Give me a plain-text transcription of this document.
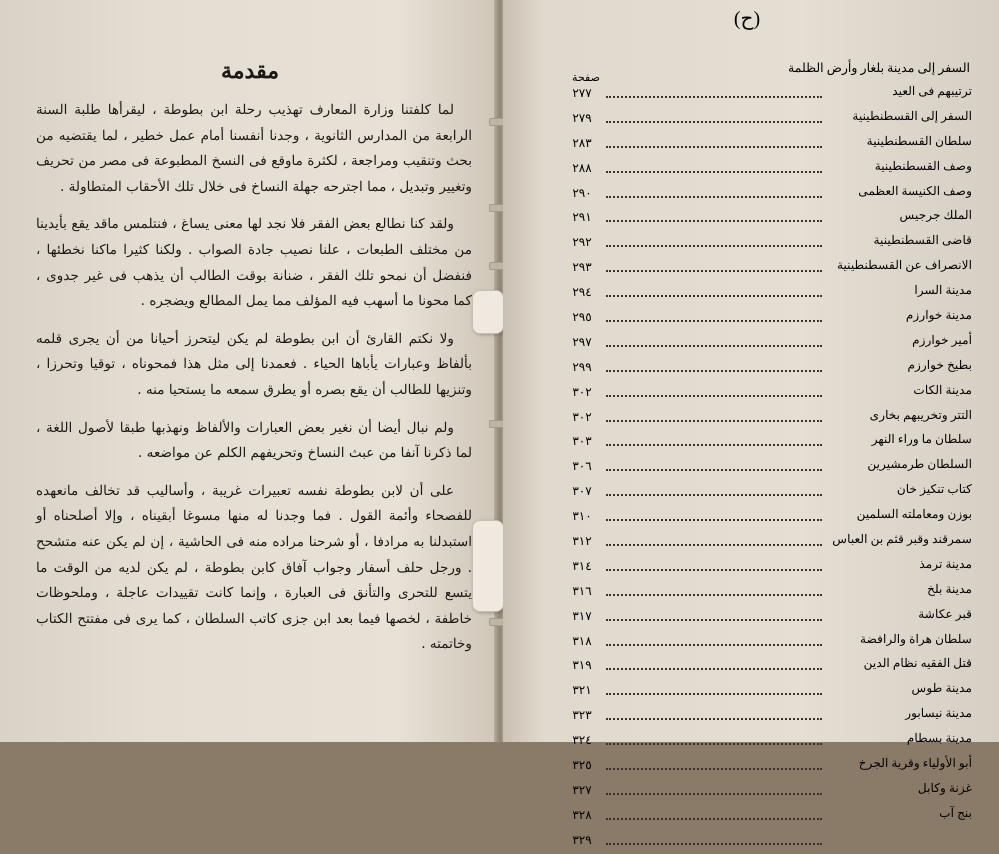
مقدمة

لما كلفتنا وزارة المعارف تهذيب رحلة ابن بطوطة ، ليقرأها طلبة السنة الرابعة من المدارس الثانوية ، وجدنا أنفسنا أمام عمل خطير ، لما يقتضيه من بحث وتنقيب ومراجعة ، لكثرة ماوقع فى النسخ المطبوعة فى مصر من تحريف وتغيير وتبديل ، مما اجترحه جهلة النساخ فى خلال تلك الأحقاب المتطاولة .

ولقد كنا نطالع بعض الفقر فلا نجد لها معنى يساغ ، فنتلمس ماقد يقع بأيدينا من مختلف الطبعات ، علنا نصيب جادة الصواب . ولكنا كثيرا ماكنا نخطئها ، فنفضل أن نمحو تلك الفقر ، ضنانة بوقت الطالب أن يذهب فى غير جدوى ، كما محونا ما أسهب فيه المؤلف مما يمل المطالع ويضجره .

ولا نكتم القارئ أن ابن بطوطة لم يكن ليتحرز أحيانا من أن يجرى قلمه بألفاظ وعبارات يأباها الحياء . فعمدنا إلى مثل هذا فمحوناه ، توقيا وتحرزا ، وتنزيها للطالب أن يقع بصره أو يطرق سمعه ما يستحيا منه .

ولم نبال أيضا أن نغير بعض العبارات والألفاظ ونهذبها طبقا لأصول اللغة ، لما ذكرنا آنفا من عبث النساخ وتحريفهم الكلم عن مواضعه .

على أن لابن بطوطة نفسه تعبيرات غريبة ، وأساليب قد تخالف مانعهده للفصحاء وأئمة القول . فما وجدنا له منها مسوغا أبقيناه ، وإلا أصلحناه أو استبدلنا به مرادفا ، أو شرحنا مراده منه فى الحاشية ، إن لم يكن عنه متشحح . ورجل حلف أسفار وجواب آفاق كابن بطوطة ، لم يكن لديه من الوقت ما يتسع للتحرى والتأنق فى العبارة ، وإنما كانت تقييدات عاجلة ، وملحوظات خاطفة ، لخصها فيما بعد ابن جزى كاتب السلطان ، كما يرى فى مفتتح الكتاب وخاتمته .

(ح)
السفر إلى مدينة بلغار وأرض الظلمة
صفحة
ترتيبهم فى العيد
٢٧٧
السفر إلى القسطنطينية
٢٧٩
سلطان القسطنطينية
٢٨٣
وصف القسطنطينية
٢٨٨
وصف الكنيسة العظمى
٢٩٠
الملك جرجيس
٢٩١
قاضى القسطنطينية
٢٩٢
الانصراف عن القسطنطينية
٢٩٣
مدينة السرا
٢٩٤
مدينة خوارزم
٢٩٥
أمير خوارزم
٢٩٧
بطيخ خوارزم
٢٩٩
مدينة الكات
٣٠٢
التتر وتخريبهم بخارى
٣٠٢
سلطان ما وراء النهر
٣٠٣
السلطان طرمشيرين
٣٠٦
كتاب تنكيز خان
٣٠٧
بوزن ومعاملته السلمين
٣١٠
سمرقند وقبر قثم بن العباس
٣١٢
مدينة ترمذ
٣١٤
مدينة بلخ
٣١٦
قبر عكاشة
٣١٧
سلطان هراة والرافضة
٣١٨
قتل الفقيه نظام الدين
٣١٩
مدينة طوس
٣٢١
مدينة نيسابور
٣٢٣
مدينة بسطام
٣٢٤
أبو الأولياء وقرية الجرخ
٣٢٥
غزنة وكابل
٣٢٧
بنج آب
٣٢٨
٣٢٩
